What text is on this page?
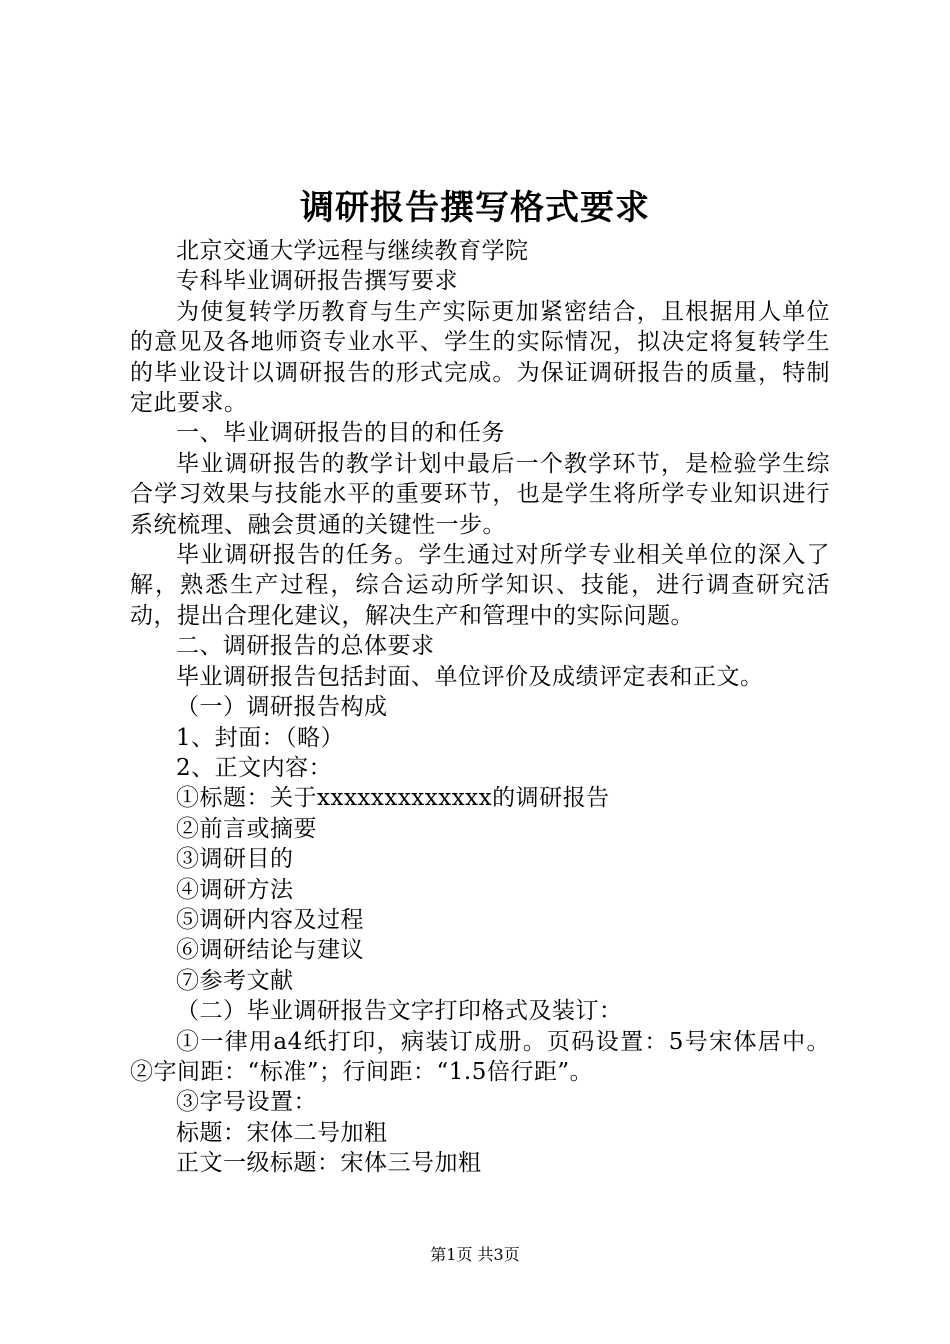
调研报告撰写格式要求

北京交通大学远程与继续教育学院

专科毕业调研报告撰写要求

为使复转学历教育与生产实际更加紧密结合，且根据用人单位的意见及各地师资专业水平、学生的实际情况，拟决定将复转学生的毕业设计以调研报告的形式完成。为保证调研报告的质量，特制定此要求。

一、毕业调研报告的目的和任务

毕业调研报告的教学计划中最后一个教学环节，是检验学生综合学习效果与技能水平的重要环节，也是学生将所学专业知识进行系统梳理、融会贯通的关键性一步。

毕业调研报告的任务。学生通过对所学专业相关单位的深入了解，熟悉生产过程，综合运动所学知识、技能，进行调查研究活动，提出合理化建议，解决生产和管理中的实际问题。

二、调研报告的总体要求

毕业调研报告包括封面、单位评价及成绩评定表和正文。

（一）调研报告构成

1、封面：（略）

2、正文内容：

①标题：关于xxxxxxxxxxxxx的调研报告

②前言或摘要

③调研目的

④调研方法

⑤调研内容及过程

⑥调研结论与建议

⑦参考文献

（二）毕业调研报告文字打印格式及装订：

①一律用a4纸打印，病装订成册。页码设置：5号宋体居中。②字间距：“标准”；行间距：“1.5倍行距”。

③字号设置：

标题：宋体二号加粗

正文一级标题：宋体三号加粗

第1页 共3页
